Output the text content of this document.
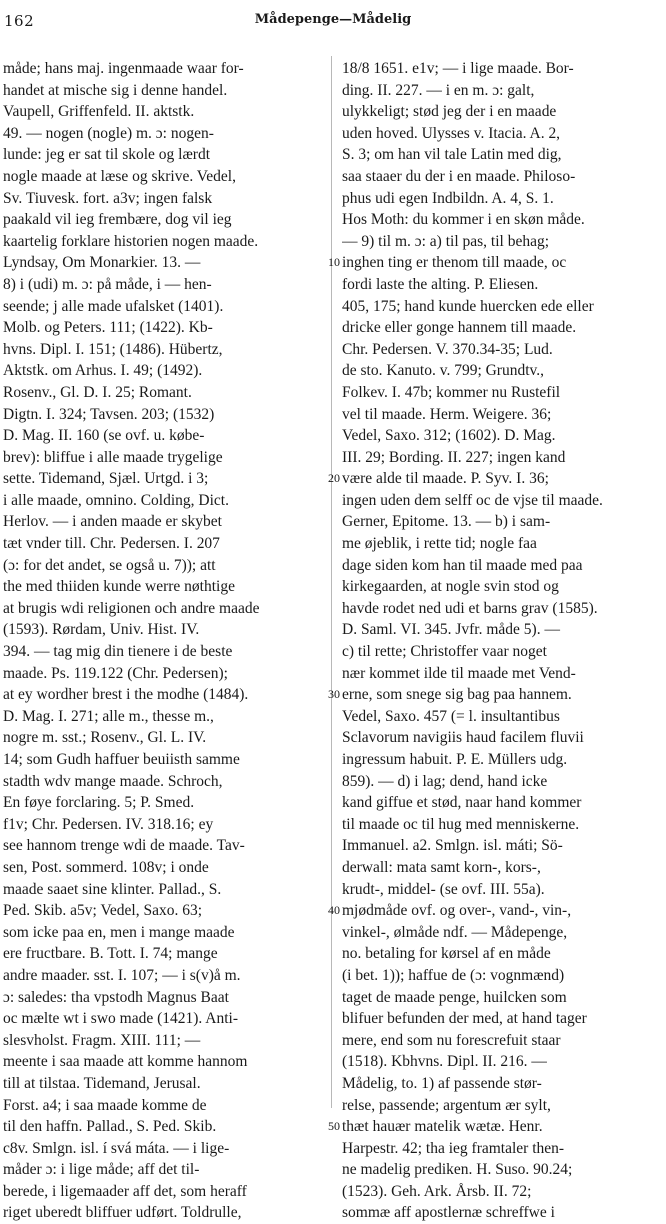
162	Mådepenge—Mådelig
måde; hans maj. ingenmaade waar for-
handet at mische sig i denne handel.
Vaupell, Griffenfeld. II. aktstk.
49. — nogen (nogle) m. ɔ: nogen-
lunde: jeg er sat til skole og lærdt
nogle maade at læse og skrive. Vedel,
Sv. Tiuvesk. fort. a3v; ingen falsk
paakald vil ieg frembære, dog vil ieg
kaartelig forklare historien nogen maade.
Lyndsay, Om Monarkier. 13. —
8) i (udi) m. ɔ: på måde, i — hen-
seende; j alle made ufalsket (1401).
Molb. og Peters. 111; (1422). Kb-
hvns. Dipl. I. 151; (1486). Hübertz,
Aktstk. om Arhus. I. 49; (1492).
Rosenv., Gl. D. I. 25; Romant.
Digtn. I. 324; Tavsen. 203; (1532)
D. Mag. II. 160 (se ovf. u. købe-
brev): bliffue i alle maade trygelige
sette. Tidemand, Sjæl. Urtgd. i 3;
i alle maade, omnino. Colding, Dict.
Herlov. — i anden maade er skybet
tæt vnder till. Chr. Pedersen. I. 207
(ɔ: for det andet, se også u. 7)); att
the med thiiden kunde werre nøthtige
at brugis wdi religionen och andre maade
(1593). Rørdam, Univ. Hist. IV.
394. — tag mig din tienere i de beste
maade. Ps. 119.122 (Chr. Pedersen);
at ey wordher brest i the modhe (1484).
D. Mag. I. 271; alle m., thesse m.,
nogre m. sst.; Rosenv., Gl. L. IV.
14; som Gudh haffuer beuiisth samme
stadth wdv mange maade. Schroch,
En føye forclaring. 5; P. Smed.
f1v; Chr. Pedersen. IV. 318.16; ey
see hannom trenge wdi de maade. Tav-
sen, Post. sommerd. 108v; i onde
maade saaet sine klinter. Pallad., S.
Ped. Skib. a5v; Vedel, Saxo. 63;
som icke paa en, men i mange maade
ere fructbare. B. Tott. I. 74; mange
andre maader. sst. I. 107; — i s(v)å m.
ɔ: saledes: tha vpstodh Magnus Baat
oc mælte wt i swo made (1421). Anti-
slesvholst. Fragm. XIII. 111; —
meente i saa maade att komme hannom
till at tilstaa. Tidemand, Jerusal.
Forst. a4; i saa maade komme de
til den haffn. Pallad., S. Ped. Skib.
c8v. Smlgn. isl. í svá máta. — i lige-
måder ɔ: i lige måde; aff det til-
berede, i ligemaader aff det, som heraff
riget uberedt bliffuer udført. Toldrulle,
10
20
30
40
50
18/8 1651. e1v; — i lige maade. Bor-
ding. II. 227. — i en m. ɔ: galt,
ulykkeligt; stød jeg der i en maade
uden hoved. Ulysses v. Itacia. A. 2,
S. 3; om han vil tale Latin med dig,
saa staaer du der i en maade. Philoso-
phus udi egen Indbildn. A. 4, S. 1.
Hos Moth: du kommer i en skøn måde.
— 9) til m. ɔ: a) til pas, til behag;
inghen ting er thenom till maade, oc
fordi laste the alting. P. Eliesen.
405, 175; hand kunde huercken ede eller
dricke eller gonge hannem till maade.
Chr. Pedersen. V. 370.34-35; Lud.
de sto. Kanuto. v. 799; Grundtv.,
Folkev. I. 47b; kommer nu Rustefil
vel til maade. Herm. Weigere. 36;
Vedel, Saxo. 312; (1602). D. Mag.
III. 29; Bording. II. 227; ingen kand
være alde til maade. P. Syv. I. 36;
ingen uden dem selff oc de vjse til maade.
Gerner, Epitome. 13. — b) i sam-
me øjeblik, i rette tid; nogle faa
dage siden kom han til maade med paa
kirkegaarden, at nogle svin stod og
havde rodet ned udi et barns grav (1585).
D. Saml. VI. 345. Jvfr. måde 5). —
c) til rette; Christoffer vaar noget
nær kommet ilde til maade met Vend-
erne, som snege sig bag paa hannem.
Vedel, Saxo. 457 (= l. insultantibus
Sclavorum navigiis haud facilem fluvii
ingressum habuit. P. E. Müllers udg.
859). — d) i lag; dend, hand icke
kand giffue et stød, naar hand kommer
til maade oc til hug med menniskerne.
Immanuel. a2. Smlgn. isl. máti; Sö-
derwall: mata samt korn-, kors-,
krudt-, middel- (se ovf. III. 55a).
mjødmåde ovf. og over-, vand-, vin-,
vinkel-, ølmåde ndf. — Mådepenge,
no. betaling for kørsel af en måde
(i bet. 1)); haffue de (ɔ: vognmænd)
taget de maade penge, huilcken som
blifuer befunden der med, at hand tager
mere, end som nu forescrefuit staar
(1518). Kbhvns. Dipl. II. 216. —
Mådelig, to. 1) af passende stør-
relse, passende; argentum ær sylt,
thæt hauær matelik wætæ. Henr.
Harpestr. 42; tha ieg framtaler then-
ne madelig prediken. H. Suso. 90.24;
(1523). Geh. Ark. Årsb. II. 72;
sommæ aff apostlernæ schreffwe i
